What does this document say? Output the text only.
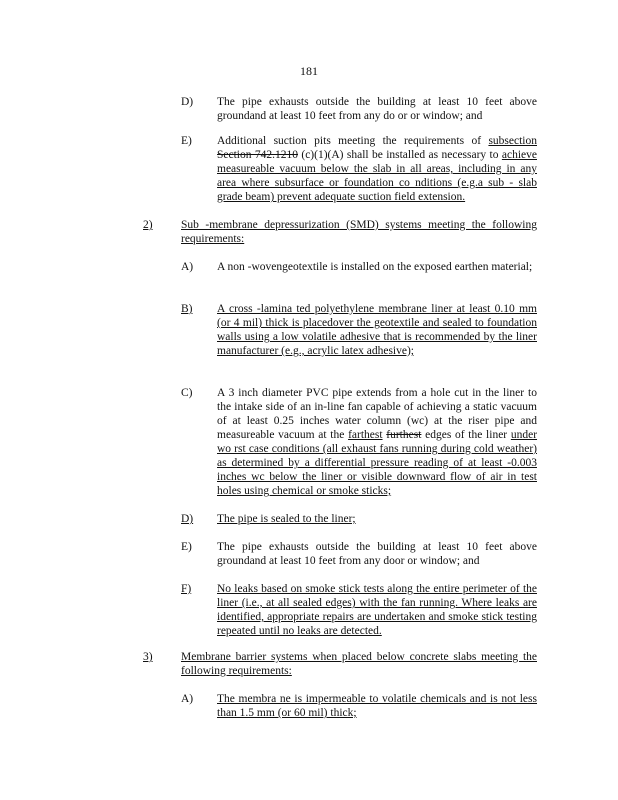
181
D) The pipe exhausts outside the building at least 10 feet above groundand at least 10 feet from any do or or window; and
E) Additional suction pits meeting the requirements of subsection Section 742.1210 (c)(1)(A) shall be installed as necessary to achieve measureable vacuum below the slab in all areas, including in any area where subsurface or foundation co nditions (e.g.a sub - slab grade beam) prevent adequate suction field extension.
2) Sub -membrane depressurization (SMD) systems meeting the following requirements:
A) A non -wovengeotextile is installed on the exposed earthen material;
B) A cross -lamina ted polyethylene membrane liner at least 0.10 mm (or 4 mil) thick is placedover the geotextile and sealed to foundation walls using a low volatile adhesive that is recommended by the liner manufacturer (e.g., acrylic latex adhesive);
C) A 3 inch diameter PVC pipe extends from a hole cut in the liner to the intake side of an in-line fan capable of achieving a static vacuum of at least 0.25 inches water column (wc) at the riser pipe and measureable vacuum at the farthest furthest edges of the liner under wo rst case conditions (all exhaust fans running during cold weather) as determined by a differential pressure reading of at least -0.003 inches wc below the liner or visible downward flow of air in test holes using chemical or smoke sticks;
D) The pipe is sealed to the liner;
E) The pipe exhausts outside the building at least 10 feet above groundand at least 10 feet from any door or window; and
F) No leaks based on smoke stick tests along the entire perimeter of the liner (i.e., at all sealed edges) with the fan running. Where leaks are identified, appropriate repairs are undertaken and smoke stick testing repeated until no leaks are detected.
3) Membrane barrier systems when placed below concrete slabs meeting the following requirements:
A) The membra ne is impermeable to volatile chemicals and is not less than 1.5 mm (or 60 mil) thick;
